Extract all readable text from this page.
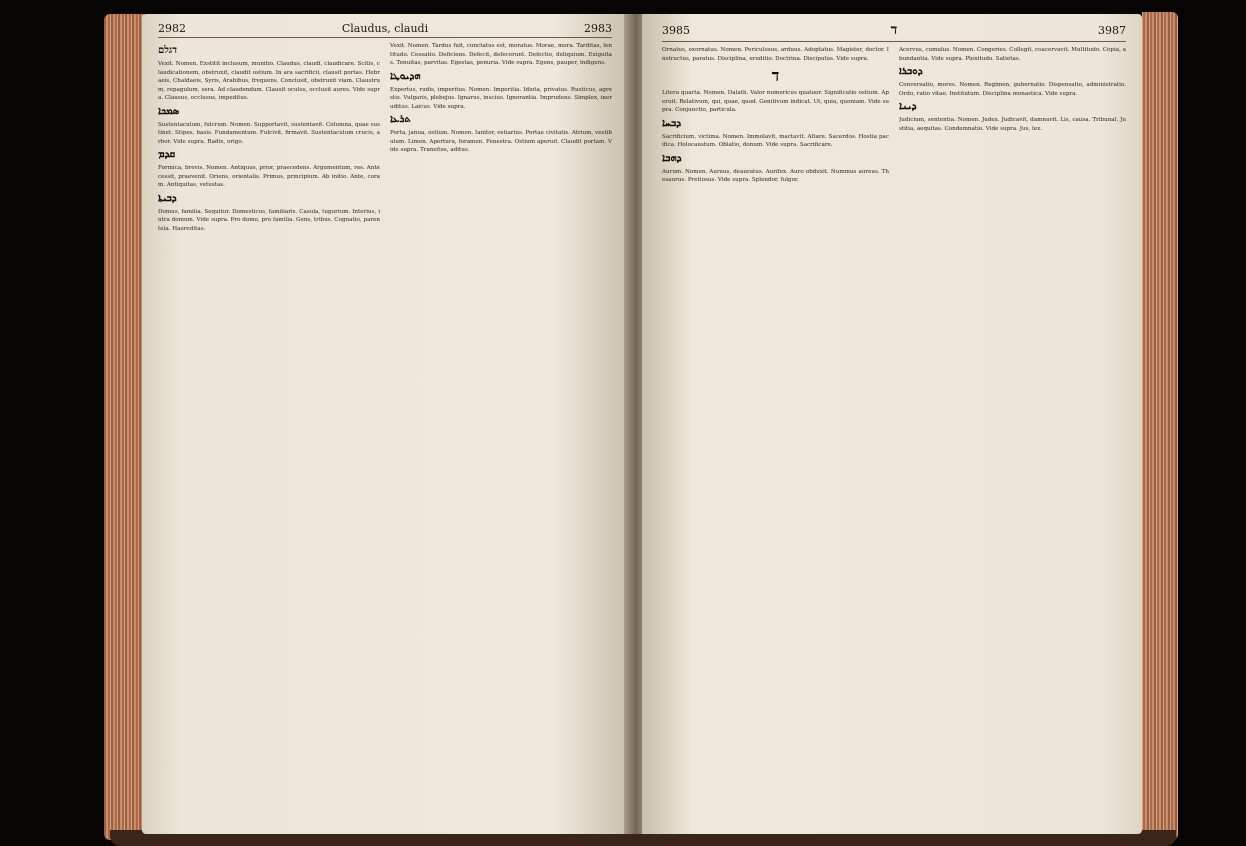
2982	Claudus, claudi	2983
דגלם
Vexit. Nomen. Exstitit inclusum, munitio. Claudus, claudi, claudicare. Scitis, claudicationem, obstruxit, claudit ostium. In ara sacrificii, clausit portas. Hebraeis, Chaldaeis, Syris, Arabibus, frequens. Conclusit, obstruxit viam. Claustrum, repagulum, sera. Ad claudendum. Clausit oculos, occlusit aures. Vide supra. Clausus, occlusus, impeditus.
ܣܡܟܐ
Sustentaculum, fulcrum. Nomen. Supportavit, sustentavit. Columna, quae sustinet. Stipes, basis. Fundamentum. Fulcivit, firmavit. Sustentaculum crucis, arbor. Vide supra. Radix, origo.
ܩܕܡ
Formica, brevis. Nomen. Antiquus, prior, praecedens. Argumentum, res. Antecessit, praevenit. Oriens, orientalis. Primus, principium. Ab initio. Ante, coram. Antiquitas, vetustas.
ܕܒܝܬܐ
Domus, familia. Sequitur. Domesticus, familiaris. Casula, tugurium. Interius, intra domum. Vide supra. Pro domo, pro familia. Gens, tribus. Cognatio, parentela. Haereditas.
Vexit. Nomen. Tardus fuit, cunctatus est, moratus. Morae, mora. Tarditas, lentitudo. Cessatio. Deficiens. Defecit, defecerunt. Defectio, deliquium. Exiguitas. Tenuitas, parvitas. Egestas, penuria. Vide supra. Egens, pauper, indigens.
ܗܕܝܘܛܐ
Expertus, rudis, imperitus. Nomen. Imperitia. Idiota, privatus. Rusticus, agrestis. Vulgaris, plebejus. Ignarus, inscius. Ignorantia. Imprudens. Simplex, ineruditus. Laicus. Vide supra.
ܬܪܥܐ
Porta, janua, ostium. Nomen. Ianitor, ostiarius. Portae civitatis. Atrium, vestibulum. Limen. Apertura, foramen. Fenestra. Ostium aperuit. Claudit portam. Vide supra. Transitus, aditus.
3985	ד	3987
Ornatus, exornatus. Nomen. Periculosus, arduus. Adoptatus. Magister, doctor. Instructus, paratus. Disciplina, eruditio. Doctrina. Discipulus. Vide supra.
ד
Litera quarta. Nomen. Dalath. Valor numericus quatuor. Significatio ostium. Aperuit. Relativum, qui, quae, quod. Genitivum indicat. Ut, quia, quoniam. Vide supra. Conjunctio, particula.
ܕܒܚܐ
Sacrificium, victima. Nomen. Immolavit, mactavit. Altare. Sacerdos. Hostia pacifica. Holocaustum. Oblatio, donum. Vide supra. Sacrificare.
ܕܗܒܐ
Aurum. Nomen. Aureus, deauratus. Aurifex. Auro obduxit. Nummus aureus. Thesaurus. Pretiosus. Vide supra. Splendor, fulgor.
Acervus, cumulus. Nomen. Congeries. Collegit, coacervavit. Multitudo. Copia, abundantia. Vide supra. Plenitudo. Satietas.
ܕܘܒܪܐ
Conversatio, mores. Nomen. Regimen, gubernatio. Dispensatio, administratio. Ordo, ratio vitae. Institutum. Disciplina monastica. Vide supra.
ܕܝܢܐ
Judicium, sententia. Nomen. Judex. Judicavit, damnavit. Lis, causa. Tribunal. Justitia, aequitas. Condemnatio. Vide supra. Jus, lex.
